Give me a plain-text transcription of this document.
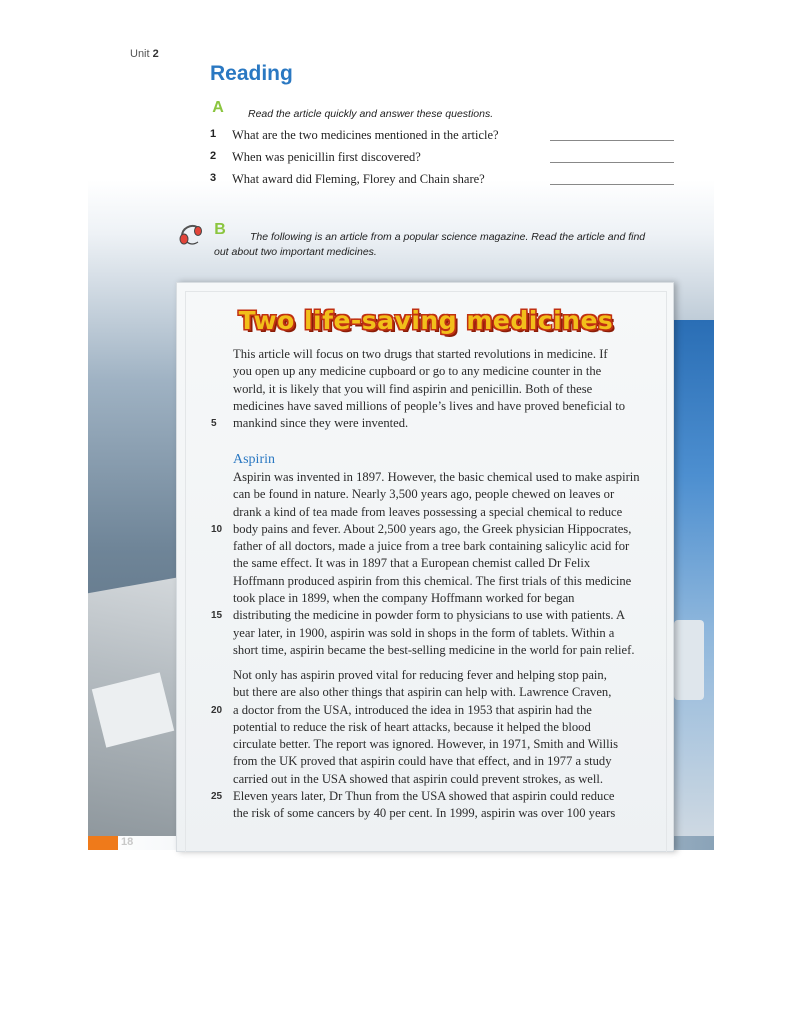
18
Unit 2
Reading
A Read the article quickly and answer these questions.
1 What are the two medicines mentioned in the article?
2 When was penicillin first discovered?
3 What award did Fleming, Florey and Chain share?
B The following is an article from a popular science magazine. Read the article and find
out about two important medicines.
Two life-saving medicines
This article will focus on two drugs that started revolutions in medicine. If
you open up any medicine cupboard or go to any medicine counter in the
world, it is likely that you will find aspirin and penicillin. Both of these
medicines have saved millions of people’s lives and have proved beneficial to
5 mankind since they were invented.
Aspirin
Aspirin was invented in 1897. However, the basic chemical used to make aspirin
can be found in nature. Nearly 3,500 years ago, people chewed on leaves or
drank a kind of tea made from leaves possessing a special chemical to reduce
10 body pains and fever. About 2,500 years ago, the Greek physician Hippocrates,
father of all doctors, made a juice from a tree bark containing salicylic acid for
the same effect. It was in 1897 that a European chemist called Dr Felix
Hoffmann produced aspirin from this chemical. The first trials of this medicine
took place in 1899, when the company Hoffmann worked for began
15 distributing the medicine in powder form to physicians to use with patients. A
year later, in 1900, aspirin was sold in shops in the form of tablets. Within a
short time, aspirin became the best-selling medicine in the world for pain relief.
Not only has aspirin proved vital for reducing fever and helping stop pain,
but there are also other things that aspirin can help with. Lawrence Craven,
20 a doctor from the USA, introduced the idea in 1953 that aspirin had the
potential to reduce the risk of heart attacks, because it helped the blood
circulate better. The report was ignored. However, in 1971, Smith and Willis
from the UK proved that aspirin could have that effect, and in 1977 a study
carried out in the USA showed that aspirin could prevent strokes, as well.
25 Eleven years later, Dr Thun from the USA showed that aspirin could reduce
the risk of some cancers by 40 per cent. In 1999, aspirin was over 100 years
